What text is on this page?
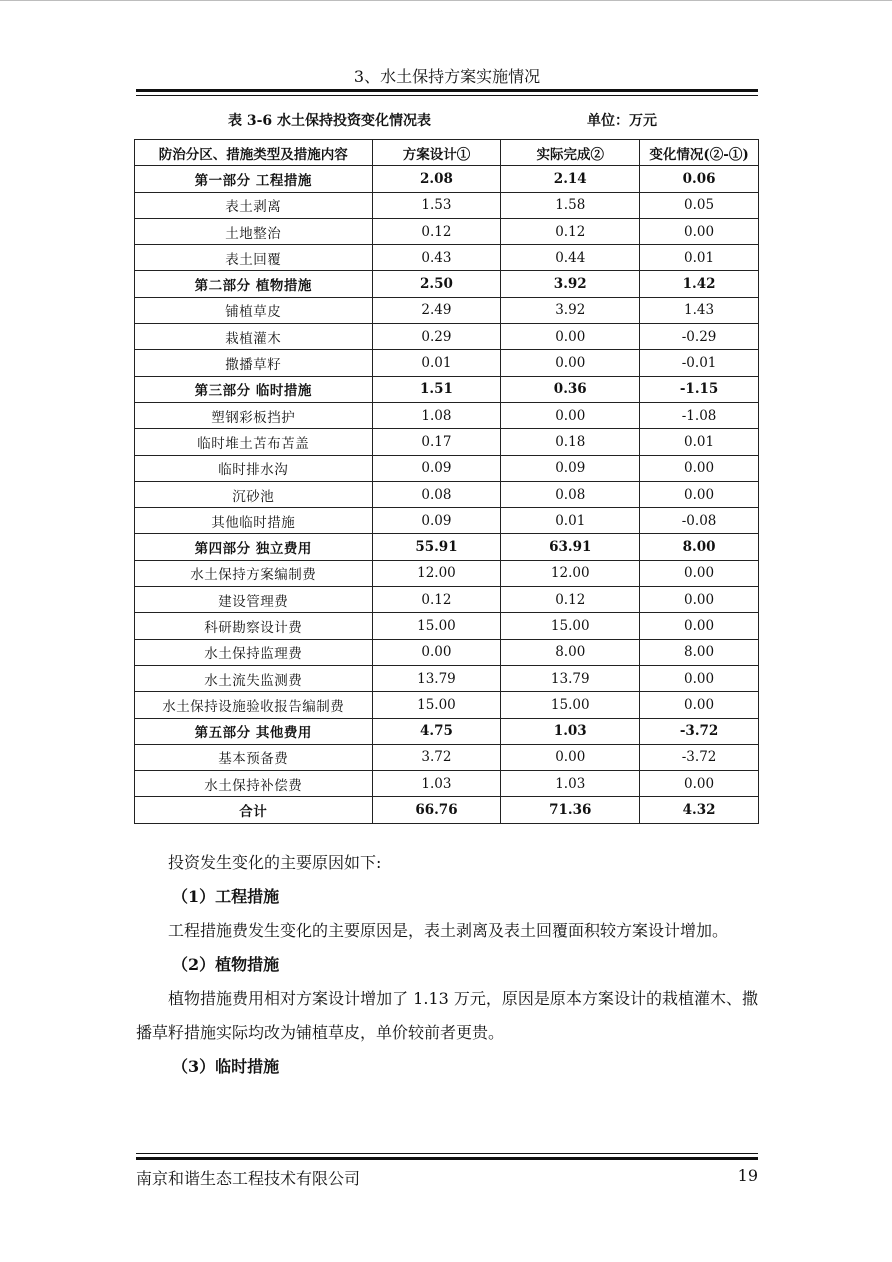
3、水土保持方案实施情况
表 3-6 水土保持投资变化情况表	单位：万元
防治分区、措施类型及措施内容	方案设计①	实际完成②	变化情况(②-①)
第一部分 工程措施	2.08	2.14	0.06
表土剥离	1.53	1.58	0.05
土地整治	0.12	0.12	0.00
表土回覆	0.43	0.44	0.01
第二部分 植物措施	2.50	3.92	1.42
铺植草皮	2.49	3.92	1.43
栽植灌木	0.29	0.00	-0.29
撒播草籽	0.01	0.00	-0.01
第三部分 临时措施	1.51	0.36	-1.15
塑钢彩板挡护	1.08	0.00	-1.08
临时堆土苫布苫盖	0.17	0.18	0.01
临时排水沟	0.09	0.09	0.00
沉砂池	0.08	0.08	0.00
其他临时措施	0.09	0.01	-0.08
第四部分 独立费用	55.91	63.91	8.00
水土保持方案编制费	12.00	12.00	0.00
建设管理费	0.12	0.12	0.00
科研勘察设计费	15.00	15.00	0.00
水土保持监理费	0.00	8.00	8.00
水土流失监测费	13.79	13.79	0.00
水土保持设施验收报告编制费	15.00	15.00	0.00
第五部分 其他费用	4.75	1.03	-3.72
基本预备费	3.72	0.00	-3.72
水土保持补偿费	1.03	1.03	0.00
合计	66.76	71.36	4.32

投资发生变化的主要原因如下:

（1）工程措施

工程措施费发生变化的主要原因是，表土剥离及表土回覆面积较方案设计增加。

（2）植物措施

植物措施费用相对方案设计增加了 1.13 万元，原因是原本方案设计的栽植灌木、撒播草籽措施实际均改为铺植草皮，单价较前者更贵。

（3）临时措施
南京和谐生态工程技术有限公司	19
